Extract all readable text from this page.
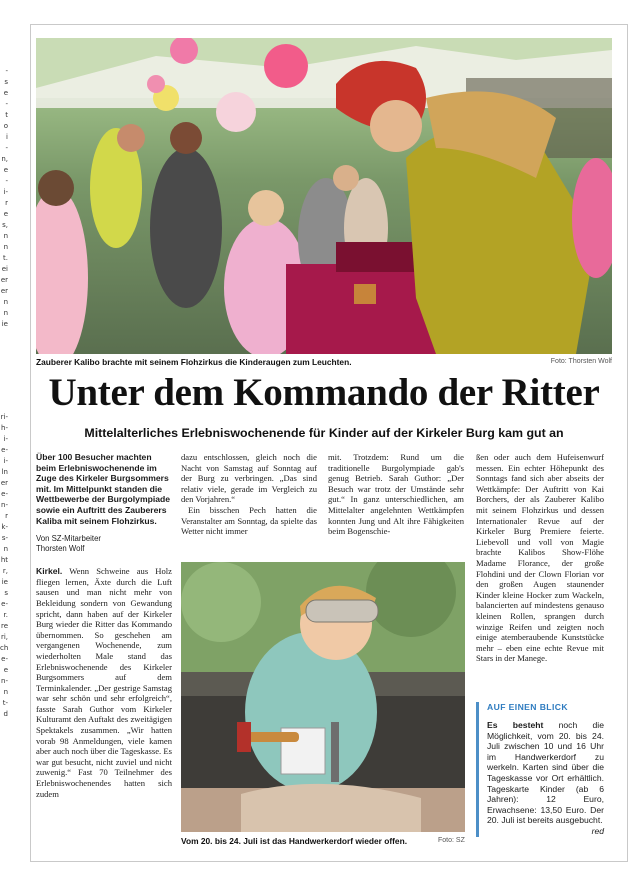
-
s
e
-
t
o
i
-
n,
e
-
i-
r
e
s,
n
n
t.
ei
er
er
n
n
ie
ri-
h-
i-
e-
i-
ln
er
e-
n-
r
k-
s-
n
ht
r,
ie
s
e-
r.
re
ri,
ch
e-
e
n-
n
t-
d
Zauberer Kalibo brachte mit seinem Flohzirkus die Kinderaugen zum Leuchten.	Foto: Thorsten Wolf
Unter dem Kommando der Ritter
Mittelalterliches Erlebniswochenende für Kinder auf der Kirkeler Burg kam gut an

Über 100 Besucher machten beim Erlebniswochenende im Zuge des Kirkeler Burgsommers mit. Im Mittelpunkt standen die Wettbewerbe der Burgolympiade sowie ein Auftritt des Zauberers Kaliba mit seinem Flohzirkus.

Von SZ-Mitarbeiter

Thorsten Wolf

Kirkel. Wenn Schweine aus Holz fliegen lernen, Äxte durch die Luft sausen und man nicht mehr von Bekleidung sondern von Gewandung spricht, dann haben auf der Kirkeler Burg wieder die Ritter das Kommando übernommen. So geschehen am vergangenen Wochenende, zum wiederholten Male stand das Erlebniswochenende des Kirkeler Burgsommers auf dem Terminkalender. „Der gestrige Samstag war sehr schön und sehr erfolgreich“, fasste Sarah Guthor vom Kirkeler Kulturamt den Auftakt des zweitägigen Spektakels zusammen. „Wir hatten vorab 98 Anmeldungen, viele kamen aber auch noch über die Tageskasse. Es war gut besucht, nicht zuviel und nicht zuwenig.“ Fast 70 Teilnehmer des Erlebniswochenendes hatten sich zudem

dazu entschlossen, gleich noch die Nacht von Samstag auf Sonntag auf der Burg zu verbringen. „Das sind relativ viele, gerade im Vergleich zu den Vorjahren.“

Ein bisschen Pech hatten die Veranstalter am Sonntag, da spielte das Wetter nicht immer

mit. Trotzdem: Rund um die traditionelle Burgolympiade gab's genug Betrieb. Sarah Guthor: „Der Besuch war trotz der Umstände sehr gut.“ In ganz unterschiedlichen, am Mittelalter angelehnten Wettkämpfen konnten Jung und Alt ihre Fähigkeiten beim Bogenschie-

ßen oder auch dem Hufeisenwurf messen. Ein echter Höhepunkt des Sonntags fand sich aber abseits der Wettkämpfe: Der Auftritt von Kai Borchers, der als Zauberer Kalibo mit seinem Flohzirkus und dessen Internationaler Revue auf der Kirkeler Burg Premiere feierte. Liebevoll und voll von Magie brachte Kalibos Show-Flöhe Madame Florance, der große Flohdini und der Clown Florian vor den großen Augen staunender Kinder kleine Hocker zum Wackeln, balancierten auf mindestens genauso kleinen Rollen, sprangen durch winzige Reifen und zeigten noch einige atemberaubende Kunststücke mehr – eben eine echte Revue mit Stars in der Manege.

Vom 20. bis 24. Juli ist das Handwerkerdorf wieder offen.	Foto: SZ
AUF EINEN BLICK
Es besteht noch die Möglichkeit, vom 20. bis 24. Juli zwischen 10 und 16 Uhr im Handwerkerdorf zu werkeln. Karten sind über die Tageskasse vor Ort erhältlich. Tageskarte Kinder (ab 6 Jahren): 12 Euro, Erwachsene: 13,50 Euro. Der 20. Juli ist bereits ausgebucht.
red
